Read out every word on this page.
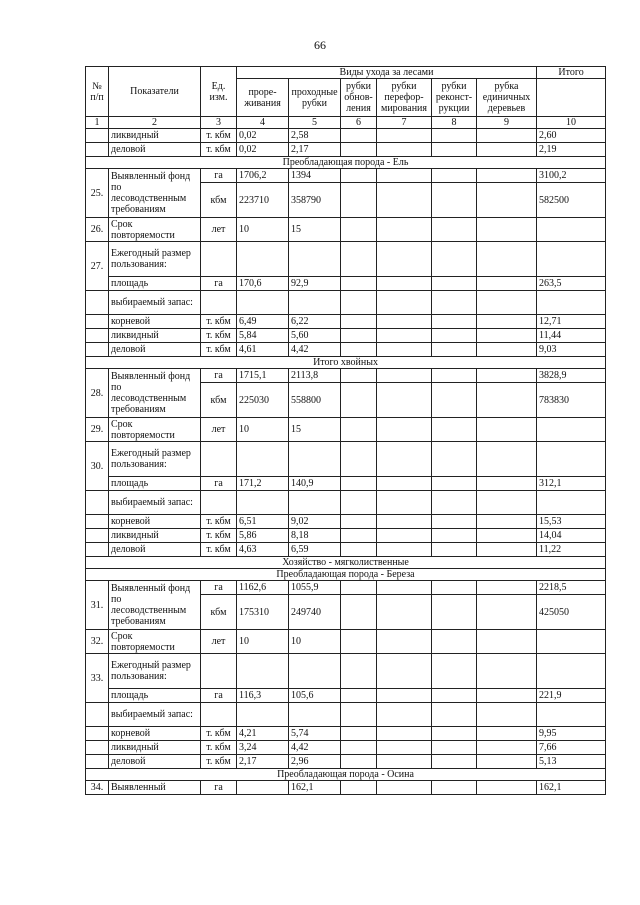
66
№ п/п	Показатели	Ед. изм.	Виды ухода за лесами						Итого
			прорe-живания	проходные рубки	рубки обнов-ления	рубки перефор-мирования	рубки реконст-рукции	рубка единичных деревьев	
1	2	3	4	5	6	7	8	9	10
	ликвидный	т. кбм	0,02	2,58					2,60
	деловой	т. кбм	0,02	2,17					2,19
Преобладающая порода - Ель									
25.	Выявленный фонд по лесоводственным требованиям	га	1706,2	1394					3100,2
		кбм	223710	358790					582500
26.	Срок повторяемости	лет	10	15					
27.	Ежегодный размер пользования:								
	площадь	га	170,6	92,9					263,5
	выбираемый запас:								
	корневой	т. кбм	6,49	6,22					12,71
	ликвидный	т. кбм	5,84	5,60					11,44
	деловой	т. кбм	4,61	4,42					9,03
Итого хвойных									
28.	Выявленный фонд по лесоводственным требованиям	га	1715,1	2113,8					3828,9
		кбм	225030	558800					783830
29.	Срок повторяемости	лет	10	15					
30.	Ежегодный размер пользования:								
	площадь	га	171,2	140,9					312,1
	выбираемый запас:								
	корневой	т. кбм	6,51	9,02					15,53
	ликвидный	т. кбм	5,86	8,18					14,04
	деловой	т. кбм	4,63	6,59					11,22
Хозяйство - мягколиственные									
Преобладающая порода - Береза									
31.	Выявленный фонд по лесоводственным требованиям	га	1162,6	1055,9					2218,5
		кбм	175310	249740					425050
32.	Срок повторяемости	лет	10	10					
33.	Ежегодный размер пользования:								
	площадь	га	116,3	105,6					221,9
	выбираемый запас:								
	корневой	т. кбм	4,21	5,74					9,95
	ликвидный	т. кбм	3,24	4,42					7,66
	деловой	т. кбм	2,17	2,96					5,13
Преобладающая порода - Осина									
34.	Выявленный	га		162,1					162,1
